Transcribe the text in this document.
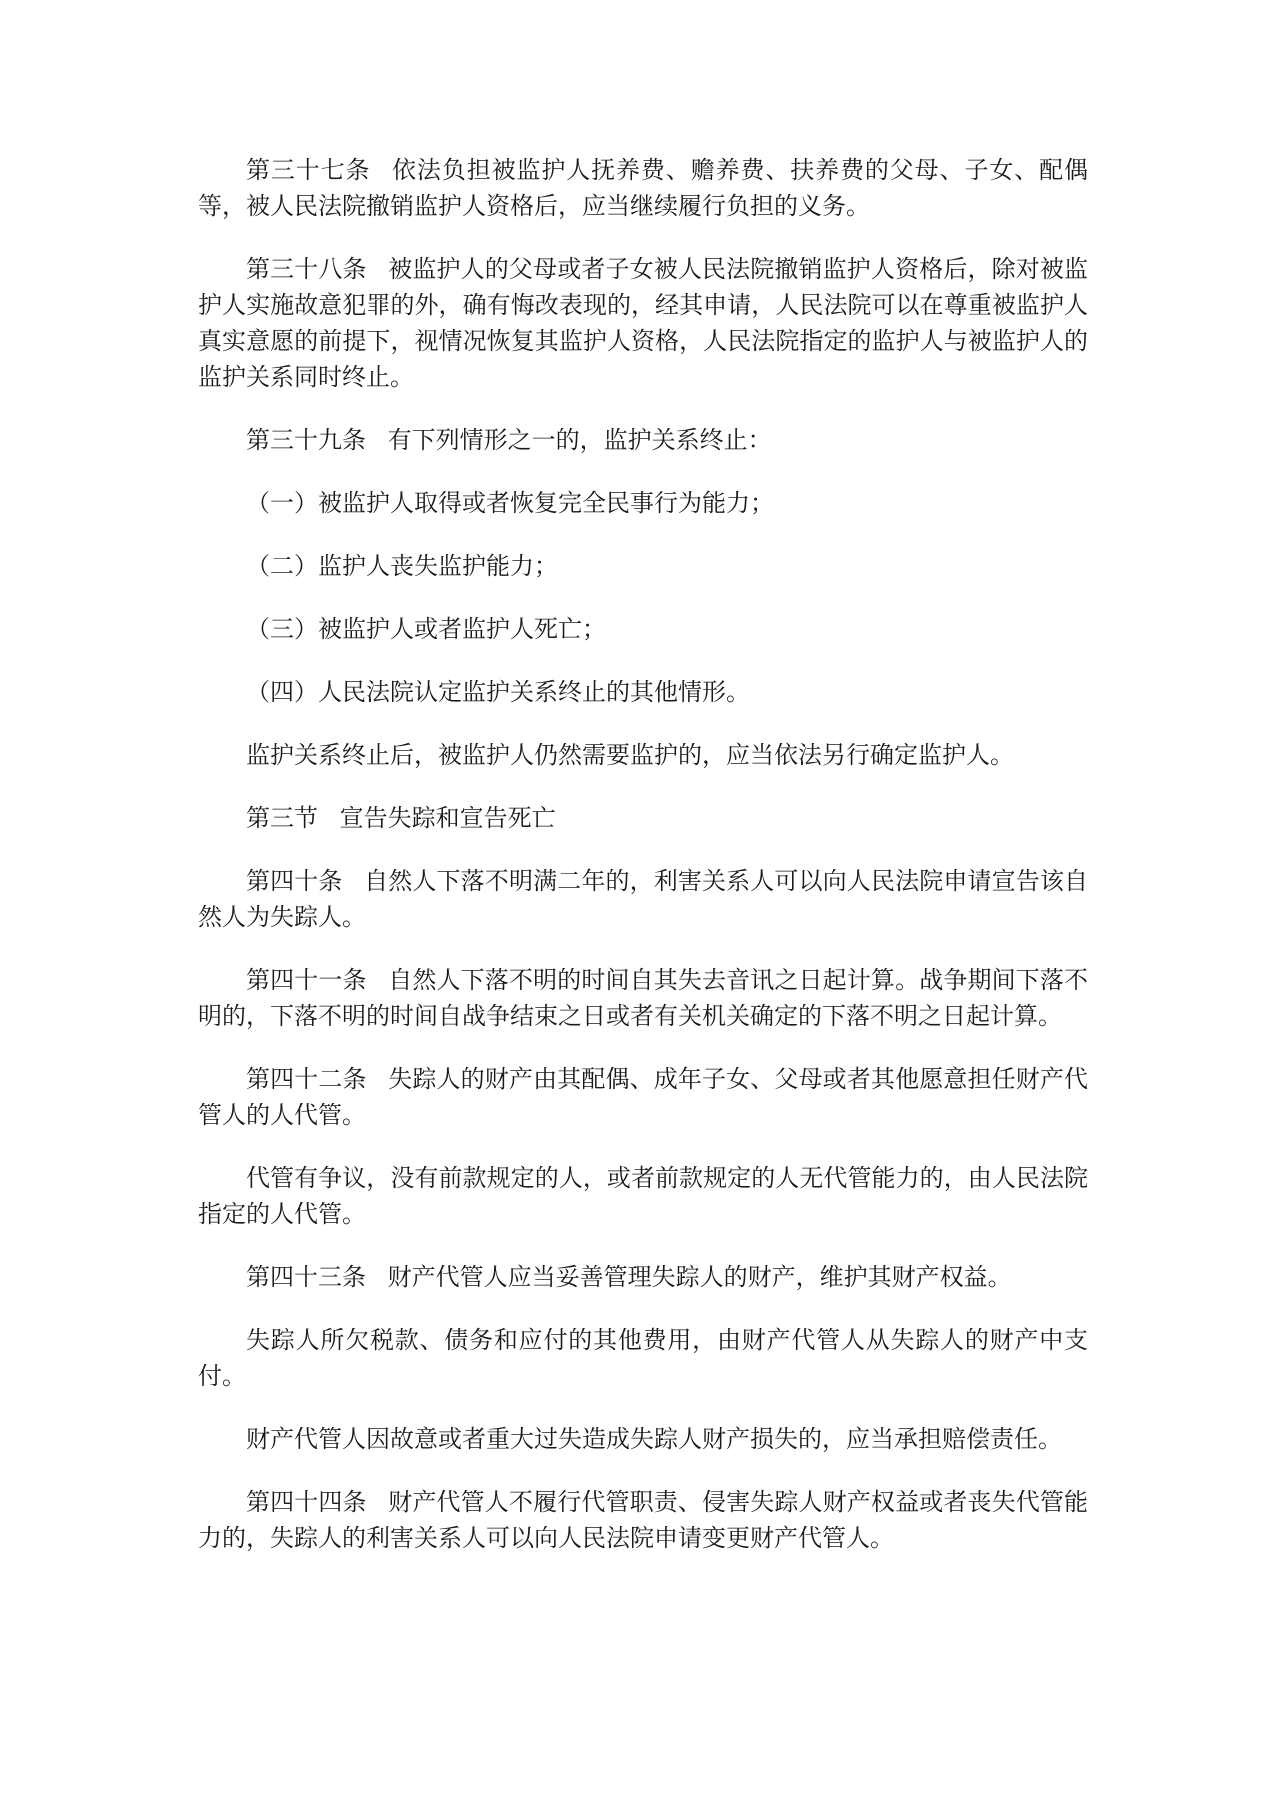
第三十七条 依法负担被监护人抚养费、赡养费、扶养费的父母、子女、配偶等，被人民法院撤销监护人资格后，应当继续履行负担的义务。

第三十八条 被监护人的父母或者子女被人民法院撤销监护人资格后，除对被监护人实施故意犯罪的外，确有悔改表现的，经其申请，人民法院可以在尊重被监护人真实意愿的前提下，视情况恢复其监护人资格，人民法院指定的监护人与被监护人的监护关系同时终止。

第三十九条 有下列情形之一的，监护关系终止：

（一）被监护人取得或者恢复完全民事行为能力；

（二）监护人丧失监护能力；

（三）被监护人或者监护人死亡；

（四）人民法院认定监护关系终止的其他情形。

监护关系终止后，被监护人仍然需要监护的，应当依法另行确定监护人。

第三节 宣告失踪和宣告死亡

第四十条 自然人下落不明满二年的，利害关系人可以向人民法院申请宣告该自然人为失踪人。

第四十一条 自然人下落不明的时间自其失去音讯之日起计算。战争期间下落不明的，下落不明的时间自战争结束之日或者有关机关确定的下落不明之日起计算。

第四十二条 失踪人的财产由其配偶、成年子女、父母或者其他愿意担任财产代管人的人代管。

代管有争议，没有前款规定的人，或者前款规定的人无代管能力的，由人民法院指定的人代管。

第四十三条 财产代管人应当妥善管理失踪人的财产，维护其财产权益。

失踪人所欠税款、债务和应付的其他费用，由财产代管人从失踪人的财产中支付。

财产代管人因故意或者重大过失造成失踪人财产损失的，应当承担赔偿责任。

第四十四条 财产代管人不履行代管职责、侵害失踪人财产权益或者丧失代管能力的，失踪人的利害关系人可以向人民法院申请变更财产代管人。
